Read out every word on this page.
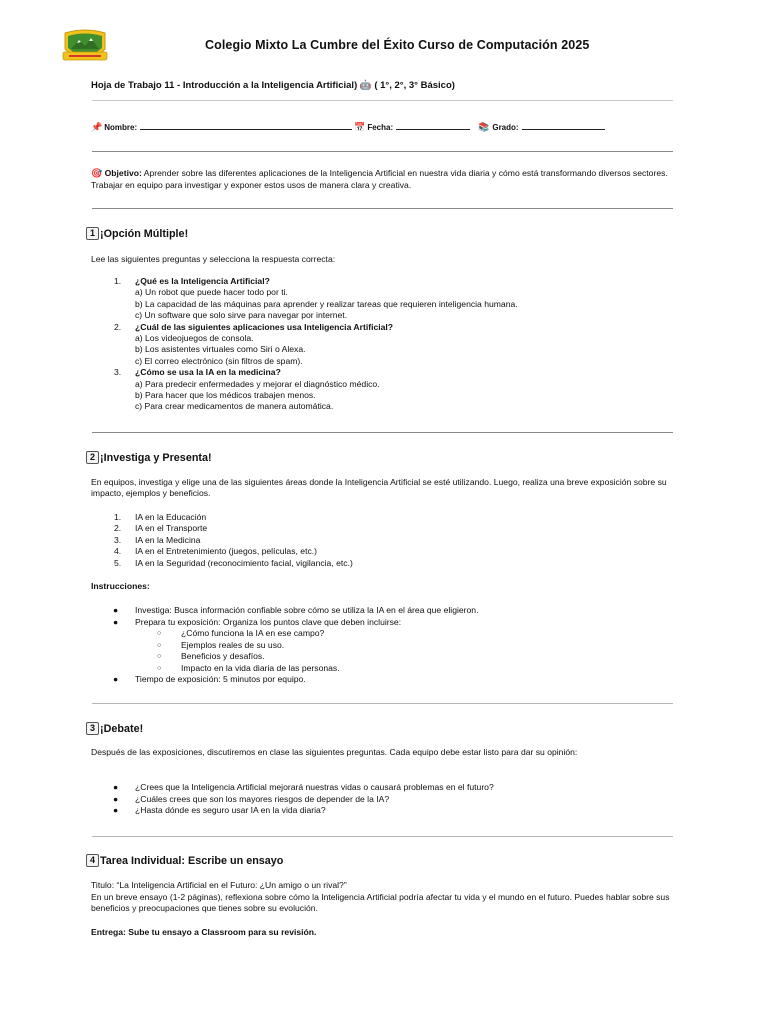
Colegio Mixto La Cumbre del Éxito Curso de Computación 2025
Hoja de Trabajo 11 - Introducción a la Inteligencia Artificial) 🤖 ( 1°, 2°, 3° Básico)
📌 Nombre:	📅 Fecha:	📚 Grado:
🎯 Objetivo: Aprender sobre las diferentes aplicaciones de la Inteligencia Artificial en nuestra vida diaria y cómo está transformando diversos sectores. Trabajar en equipo para investigar y exponer estos usos de manera clara y creativa.
1 ¡Opción Múltiple!
Lee las siguientes preguntas y selecciona la respuesta correcta:
1.	¿Qué es la Inteligencia Artificial?
a) Un robot que puede hacer todo por ti.
b) La capacidad de las máquinas para aprender y realizar tareas que requieren inteligencia humana.
c) Un software que solo sirve para navegar por internet.
2.	¿Cuál de las siguientes aplicaciones usa Inteligencia Artificial?
a) Los videojuegos de consola.
b) Los asistentes virtuales como Siri o Alexa.
c) El correo electrónico (sin filtros de spam).
3.	¿Cómo se usa la IA en la medicina?
a) Para predecir enfermedades y mejorar el diagnóstico médico.
b) Para hacer que los médicos trabajen menos.
c) Para crear medicamentos de manera automática.
2 ¡Investiga y Presenta!
En equipos, investiga y elige una de las siguientes áreas donde la Inteligencia Artificial se esté utilizando. Luego, realiza una breve exposición sobre su impacto, ejemplos y beneficios.
1.	IA en la Educación
2.	IA en el Transporte
3.	IA en la Medicina
4.	IA en el Entretenimiento (juegos, películas, etc.)
5.	IA en la Seguridad (reconocimiento facial, vigilancia, etc.)
Instrucciones:
●	Investiga: Busca información confiable sobre cómo se utiliza la IA en el área que eligieron.
●	Prepara tu exposición: Organiza los puntos clave que deben incluirse:
○	¿Cómo funciona la IA en ese campo?
○	Ejemplos reales de su uso.
○	Beneficios y desafíos.
○	Impacto en la vida diaria de las personas.
●	Tiempo de exposición: 5 minutos por equipo.
3 ¡Debate!
Después de las exposiciones, discutiremos en clase las siguientes preguntas. Cada equipo debe estar listo para dar su opinión:
●	¿Crees que la Inteligencia Artificial mejorará nuestras vidas o causará problemas en el futuro?
●	¿Cuáles crees que son los mayores riesgos de depender de la IA?
●	¿Hasta dónde es seguro usar IA en la vida diaria?
4 Tarea Individual: Escribe un ensayo
Titulo: “La Inteligencia Artificial en el Futuro: ¿Un amigo o un rival?”
En un breve ensayo (1-2 páginas), reflexiona sobre cómo la Inteligencia Artificial podría afectar tu vida y el mundo en el futuro. Puedes hablar sobre sus beneficios y preocupaciones que tienes sobre su evolución.
Entrega: Sube tu ensayo a Classroom para su revisión.
